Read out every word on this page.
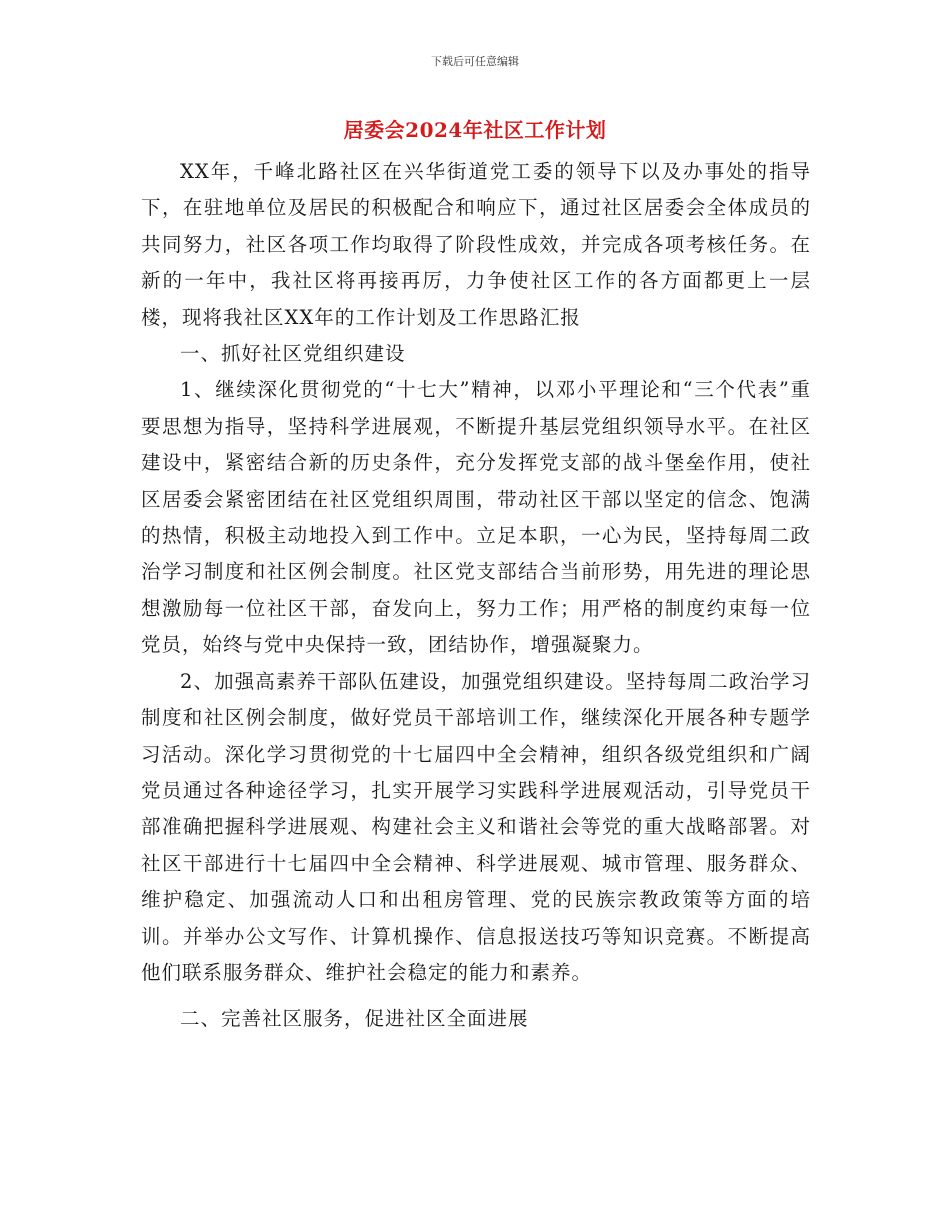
下载后可任意编辑
居委会2024年社区工作计划

XX年，千峰北路社区在兴华街道党工委的领导下以及办事处的指导下，在驻地单位及居民的积极配合和响应下，通过社区居委会全体成员的共同努力，社区各项工作均取得了阶段性成效，并完成各项考核任务。在新的一年中，我社区将再接再厉，力争使社区工作的各方面都更上一层楼，现将我社区XX年的工作计划及工作思路汇报

一、抓好社区党组织建设

1、继续深化贯彻党的“十七大”精神，以邓小平理论和“三个代表”重要思想为指导，坚持科学进展观，不断提升基层党组织领导水平。在社区建设中，紧密结合新的历史条件，充分发挥党支部的战斗堡垒作用，使社区居委会紧密团结在社区党组织周围，带动社区干部以坚定的信念、饱满的热情，积极主动地投入到工作中。立足本职，一心为民，坚持每周二政治学习制度和社区例会制度。社区党支部结合当前形势，用先进的理论思想激励每一位社区干部，奋发向上，努力工作；用严格的制度约束每一位党员，始终与党中央保持一致，团结协作，增强凝聚力。

2、加强高素养干部队伍建设，加强党组织建设。坚持每周二政治学习制度和社区例会制度，做好党员干部培训工作，继续深化开展各种专题学习活动。深化学习贯彻党的十七届四中全会精神，组织各级党组织和广阔党员通过各种途径学习，扎实开展学习实践科学进展观活动，引导党员干部准确把握科学进展观、构建社会主义和谐社会等党的重大战略部署。对社区干部进行十七届四中全会精神、科学进展观、城市管理、服务群众、维护稳定、加强流动人口和出租房管理、党的民族宗教政策等方面的培训。并举办公文写作、计算机操作、信息报送技巧等知识竞赛。不断提高他们联系服务群众、维护社会稳定的能力和素养。

二、完善社区服务，促进社区全面进展
